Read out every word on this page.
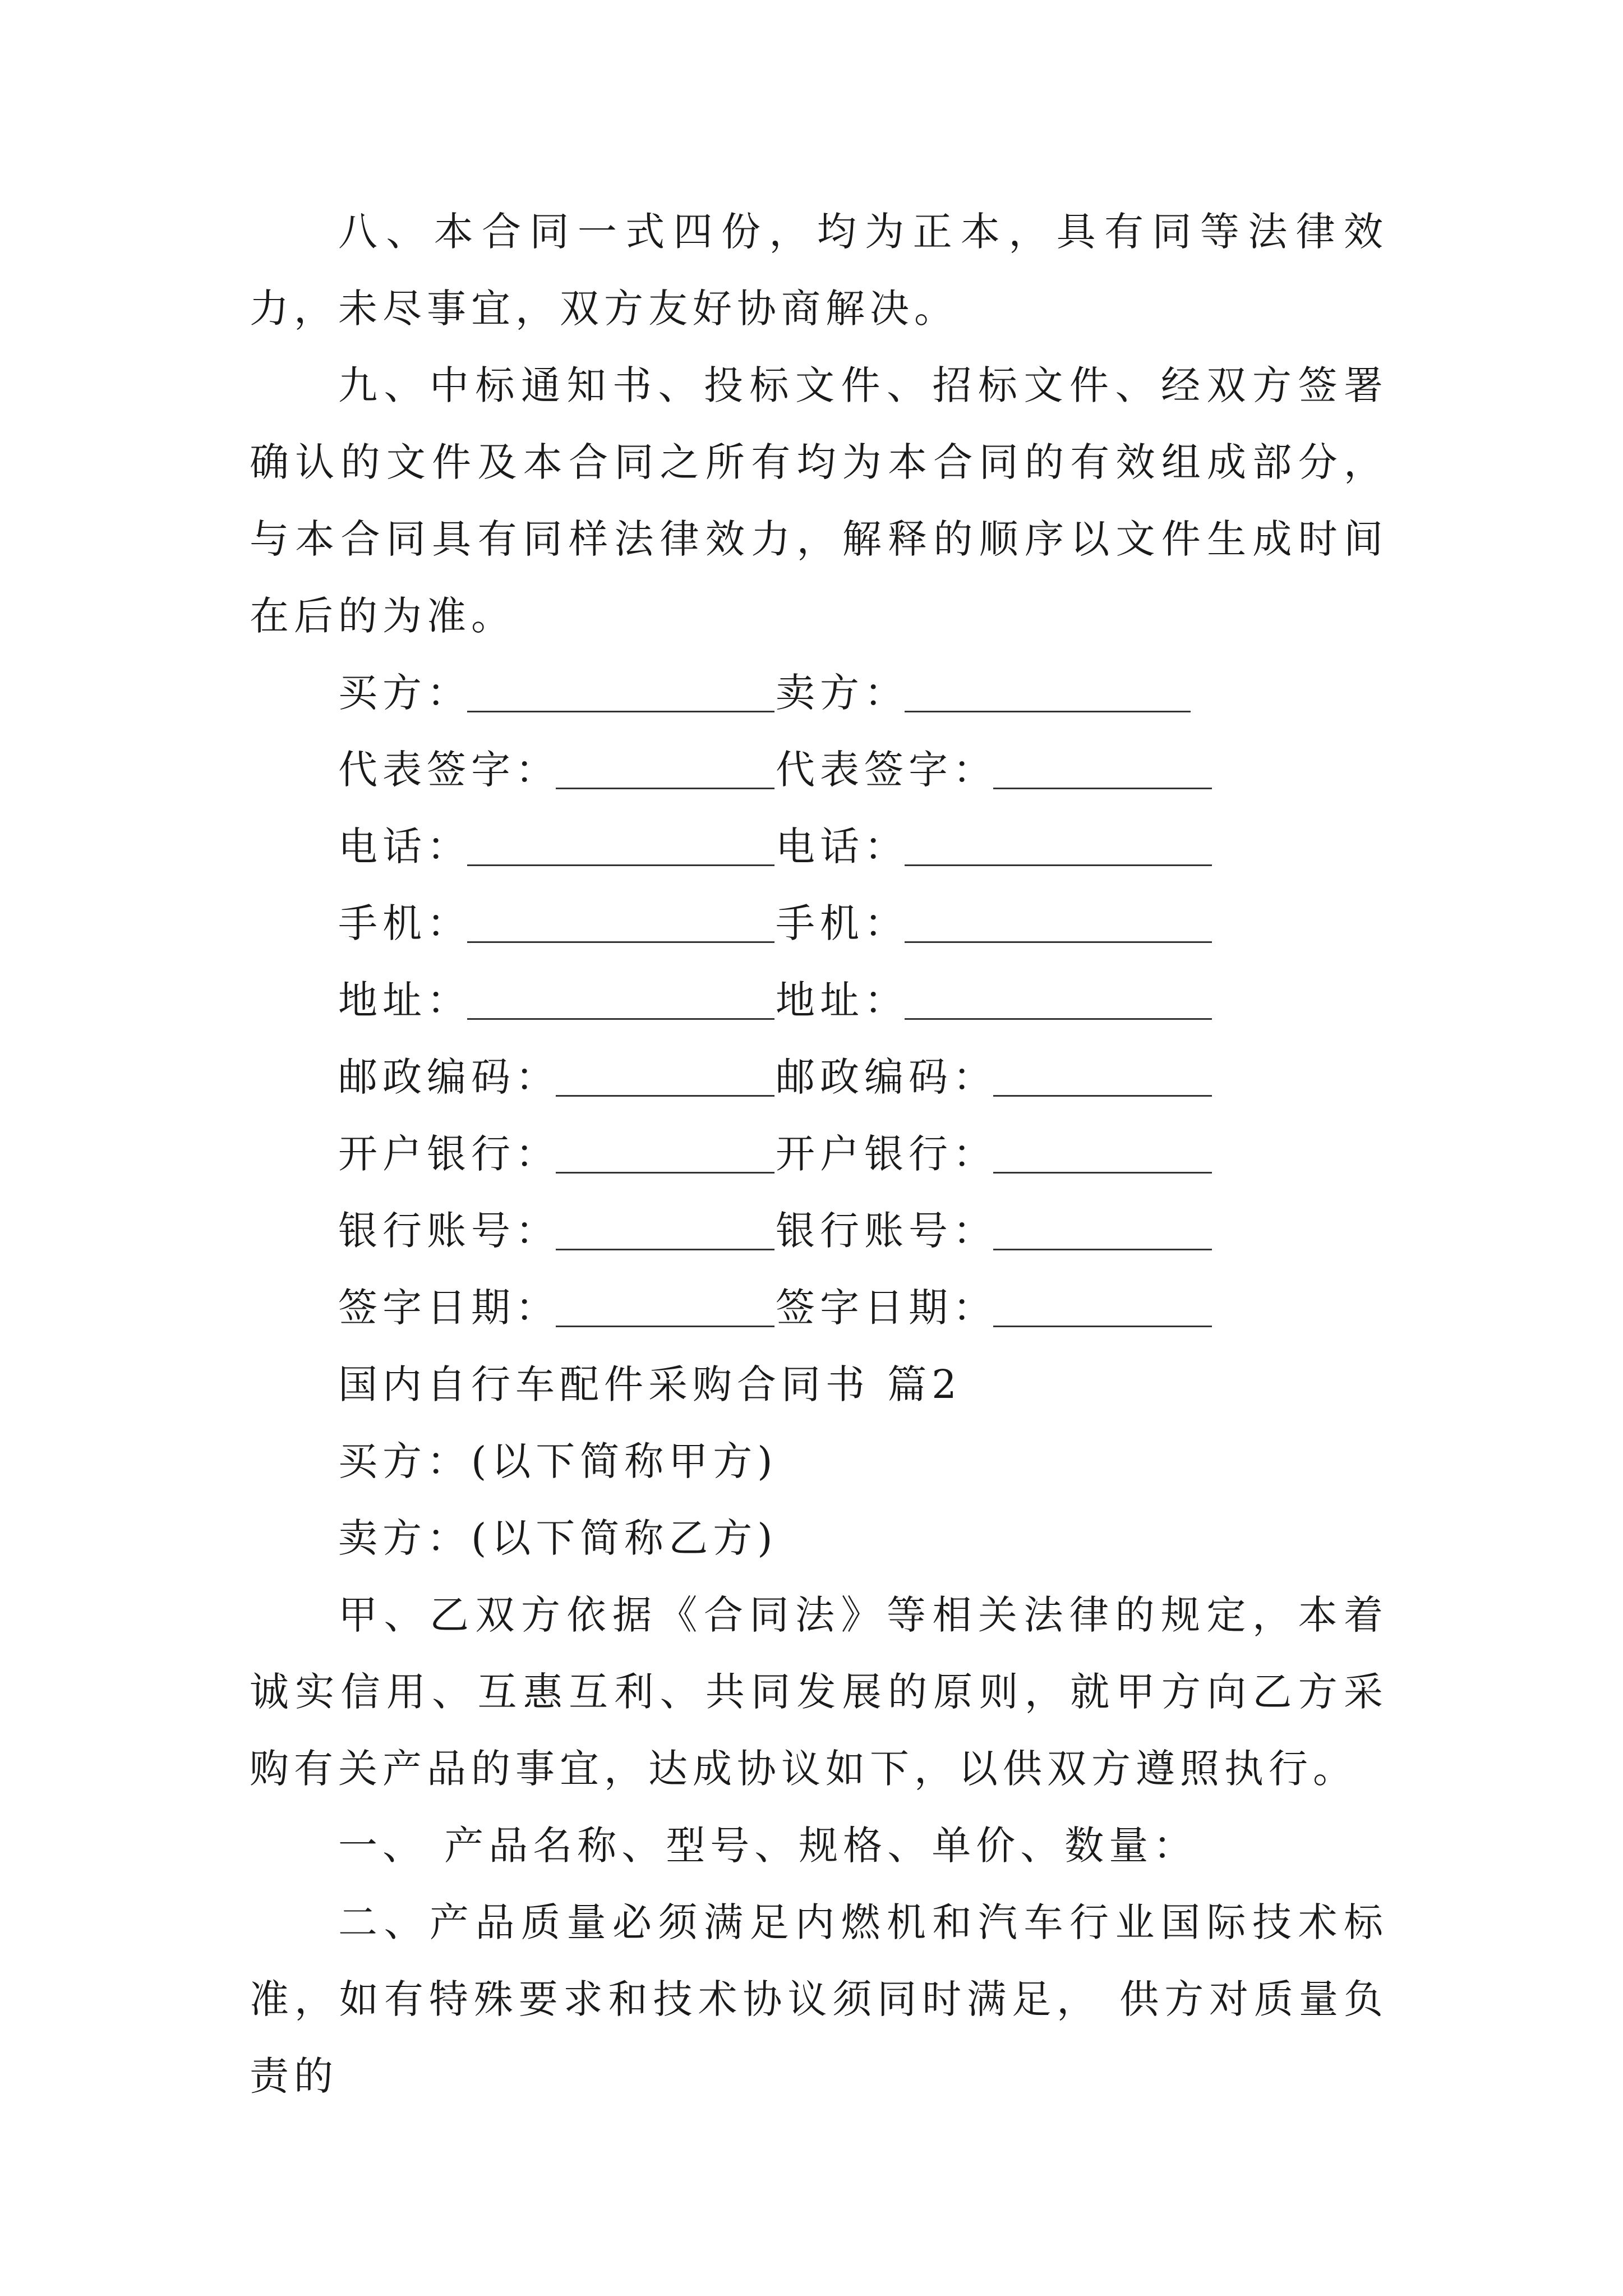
八、本合同一式四份，均为正本，具有同等法律效力，未尽事宜，双方友好协商解决。

九、中标通知书、投标文件、招标文件、经双方签署确认的文件及本合同之所有均为本合同的有效组成部分，与本合同具有同样法律效力，解释的顺序以文件生成时间在后的为准。

买方：	卖方：
代表签字：	代表签字：
电话：	电话：
手机：	手机：
地址：	地址：
邮政编码：	邮政编码：
开户银行：	开户银行：
银行账号：	银行账号：
签字日期：	签字日期：

国内自行车配件采购合同书 篇2

买方：(以下简称甲方)

卖方：(以下简称乙方)

甲、乙双方依据《合同法》等相关法律的规定，本着诚实信用、互惠互利、共同发展的原则，就甲方向乙方采购有关产品的事宜，达成协议如下，以供双方遵照执行。

一、 产品名称、型号、规格、单价、数量：

二、产品质量必须满足内燃机和汽车行业国际技术标准，如有特殊要求和技术协议须同时满足， 供方对质量负责的
